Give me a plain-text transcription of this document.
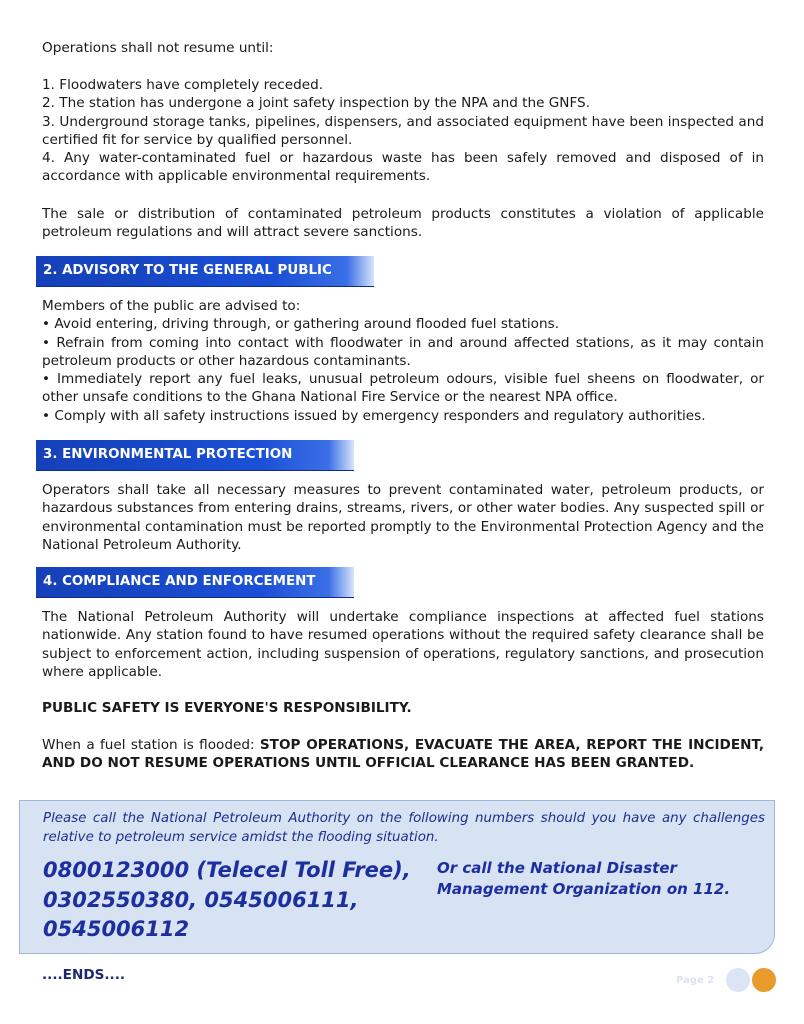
Operations shall not resume until:
1. Floodwaters have completely receded.
2. The station has undergone a joint safety inspection by the NPA and the GNFS.
3. Underground storage tanks, pipelines, dispensers, and associated equipment have been inspected and certified fit for service by qualified personnel.
4. Any water-contaminated fuel or hazardous waste has been safely removed and disposed of in accordance with applicable environmental requirements.
The sale or distribution of contaminated petroleum products constitutes a violation of applicable petroleum regulations and will attract severe sanctions.
2. ADVISORY TO THE GENERAL PUBLIC
Members of the public are advised to:
• Avoid entering, driving through, or gathering around flooded fuel stations.
• Refrain from coming into contact with floodwater in and around affected stations, as it may contain petroleum products or other hazardous contaminants.
• Immediately report any fuel leaks, unusual petroleum odours, visible fuel sheens on floodwater, or other unsafe conditions to the Ghana National Fire Service or the nearest NPA office.
• Comply with all safety instructions issued by emergency responders and regulatory authorities.
3. ENVIRONMENTAL PROTECTION
Operators shall take all necessary measures to prevent contaminated water, petroleum products, or hazardous substances from entering drains, streams, rivers, or other water bodies. Any suspected spill or environmental contamination must be reported promptly to the Environmental Protection Agency and the National Petroleum Authority.
4. COMPLIANCE AND ENFORCEMENT
The National Petroleum Authority will undertake compliance inspections at affected fuel stations nationwide. Any station found to have resumed operations without the required safety clearance shall be subject to enforcement action, including suspension of operations, regulatory sanctions, and prosecution where applicable.
PUBLIC SAFETY IS EVERYONE'S RESPONSIBILITY.
When a fuel station is flooded: STOP OPERATIONS, EVACUATE THE AREA, REPORT THE INCIDENT, AND DO NOT RESUME OPERATIONS UNTIL OFFICIAL CLEARANCE HAS BEEN GRANTED.
Please call the National Petroleum Authority on the following numbers should you have any challenges relative to petroleum service amidst the flooding situation.
0800123000 (Telecel Toll Free), 0302550380, 0545006111, 0545006112
Or call the National Disaster Management Organization on 112.
....ENDS....	Page 2
